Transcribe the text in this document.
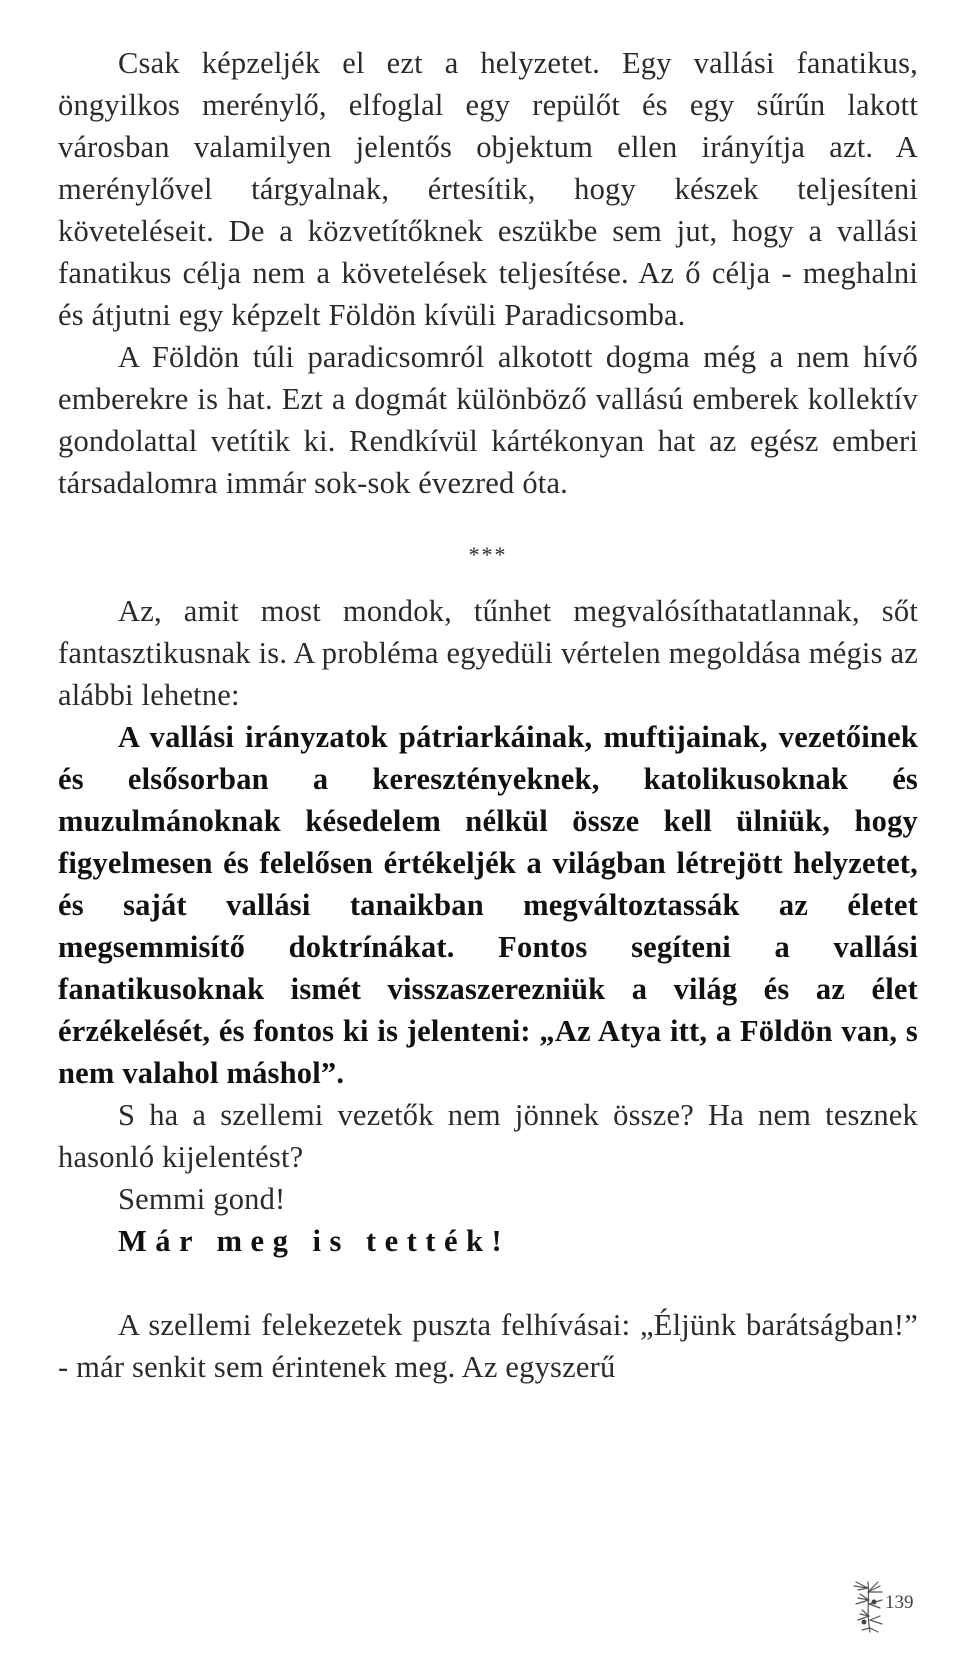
Csak képzeljék el ezt a helyzetet. Egy vallási fanatikus, öngyilkos merénylő, elfoglal egy repülőt és egy sűrűn lakott városban valamilyen jelentős objektum ellen irányítja azt. A merénylővel tárgyalnak, értesítik, hogy készek teljesíteni követeléseit. De a közvetítőknek eszükbe sem jut, hogy a vallási fanatikus célja nem a követelések teljesítése. Az ő célja - meghalni és átjutni egy képzelt Földön kívüli Paradicsomba.

A Földön túli paradicsomról alkotott dogma még a nem hívő emberekre is hat. Ezt a dogmát különböző vallású emberek kollektív gondolattal vetítik ki. Rendkívül kártékonyan hat az egész emberi társadalomra immár sok-sok évezred óta.

***

Az, amit most mondok, tűnhet megvalósíthatatlannak, sőt fantasztikusnak is. A probléma egyedüli vértelen megoldása mégis az alábbi lehetne:

A vallási irányzatok pátriarkáinak, muftijainak, vezetőinek és elsősorban a keresztényeknek, katolikusoknak és muzulmánoknak késedelem nélkül össze kell ülniük, hogy figyelmesen és felelősen értékeljék a világban létrejött helyzetet, és saját vallási tanaikban megváltoztassák az életet megsemmisítő doktrínákat. Fontos segíteni a vallási fanatikusoknak ismét visszaszerezniük a világ és az élet érzékelését, és fontos ki is jelenteni: „Az Atya itt, a Földön van, s nem valahol máshol”.

S ha a szellemi vezetők nem jönnek össze? Ha nem tesznek hasonló kijelentést?

Semmi gond!

Már meg is tették!

A szellemi felekezetek puszta felhívásai: „Éljünk barátságban!” - már senkit sem érintenek meg. Az egyszerű

139
